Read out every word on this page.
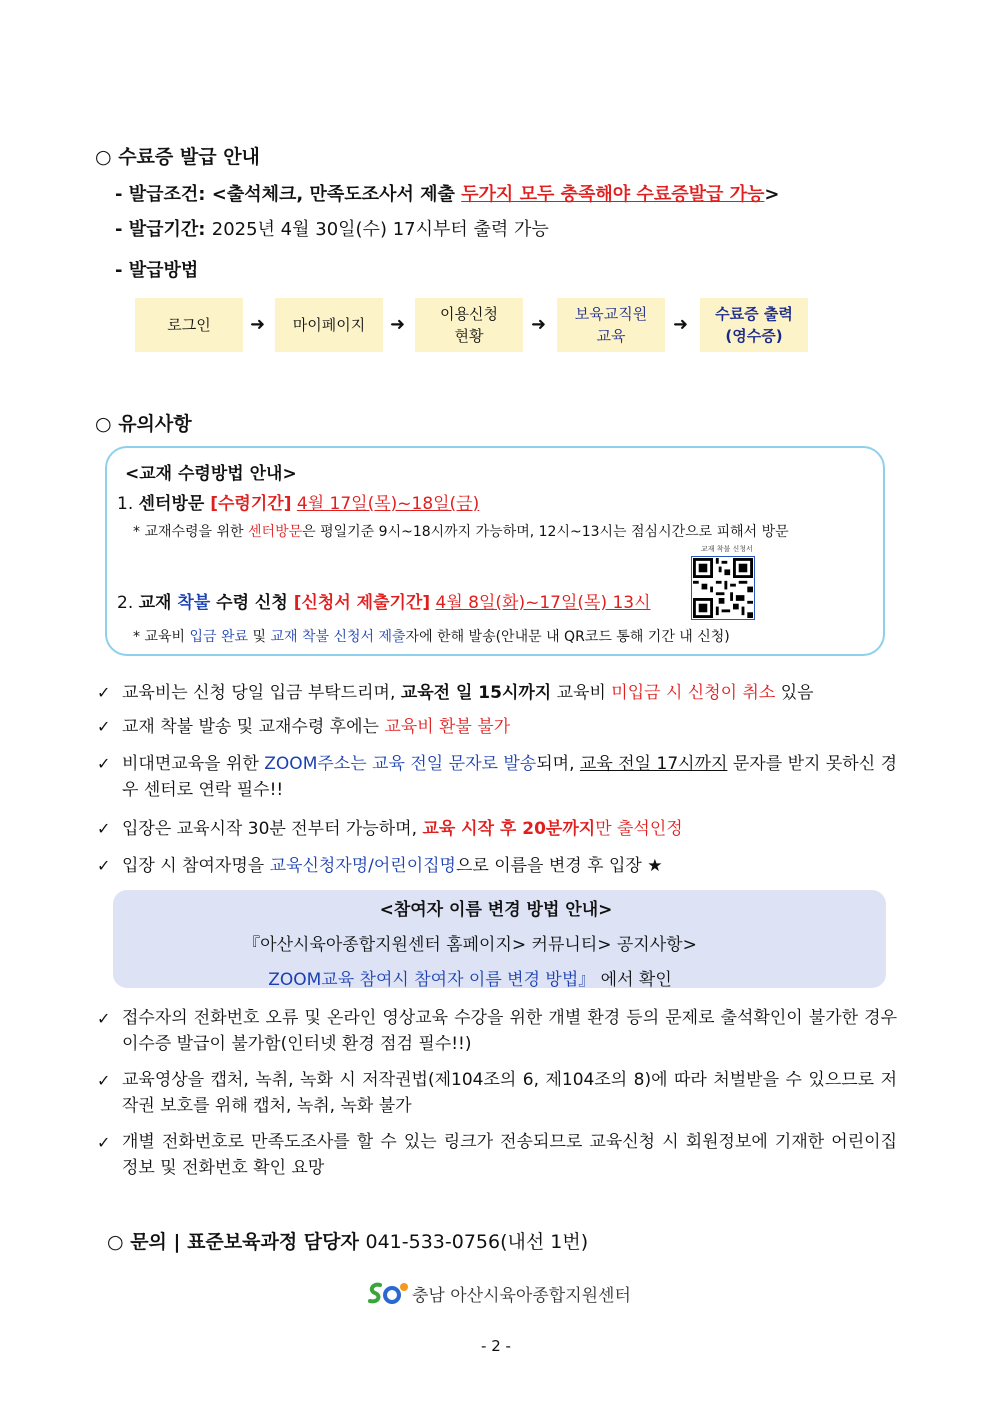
○ 수료증 발급 안내
- 발급조건: <출석체크, 만족도조사서 제출 두가지 모두 충족해야 수료증발급 가능>
- 발급기간: 2025년 4월 30일(수) 17시부터 출력 가능
- 발급방법
로그인 ➜ 마이페이지 ➜ 이용신청
현황
➜ 보육교직원
교육
➜ 수료증 출력
(영수증)
○ 유의사항
<교재 수령방법 안내>
1. 센터방문 [수령기간] 4월 17일(목)~18일(금)
* 교재수령을 위한 센터방문은 평일기준 9시~18시까지 가능하며, 12시~13시는 점심시간으로 피해서 방문
2. 교재 착불 수령 신청 [신청서 제출기간] 4월 8일(화)~17일(목) 13시
교재 착불 신청서
* 교육비 입금 완료 및 교재 착불 신청서 제출자에 한해 발송(안내문 내 QR코드 통해 기간 내 신청)
✓ 교육비는 신청 당일 입금 부탁드리며, 교육전 일 15시까지 교육비 미입금 시 신청이 취소 있음
✓ 교재 착불 발송 및 교재수령 후에는 교육비 환불 불가
✓ 비대면교육을 위한 ZOOM주소는 교육 전일 문자로 발송되며, 교육 전일 17시까지 문자를 받지 못하신 경우 센터로 연락 필수!!
✓ 입장은 교육시작 30분 전부터 가능하며, 교육 시작 후 20분까지만 출석인정
✓ 입장 시 참여자명을 교육신청자명/어린이집명으로 이름을 변경 후 입장 ★
<참여자 이름 변경 방법 안내>
『아산시육아종합지원센터 홈페이지> 커뮤니티> 공지사항>
ZOOM교육 참여시 참여자 이름 변경 방법』 에서 확인
✓ 접수자의 전화번호 오류 및 온라인 영상교육 수강을 위한 개별 환경 등의 문제로 출석확인이 불가한 경우 이수증 발급이 불가함(인터넷 환경 점검 필수!!)
✓ 교육영상을 캡처, 녹취, 녹화 시 저작권법(제104조의 6, 제104조의 8)에 따라 처벌받을 수 있으므로 저작권 보호를 위해 캡처, 녹취, 녹화 불가
✓ 개별 전화번호로 만족도조사를 할 수 있는 링크가 전송되므로 교육신청 시 회원정보에 기재한 어린이집 정보 및 전화번호 확인 요망
○ 문의 | 표준보육과정 담당자 041-533-0756(내선 1번)
충남 아산시육아종합지원센터
- 2 -
